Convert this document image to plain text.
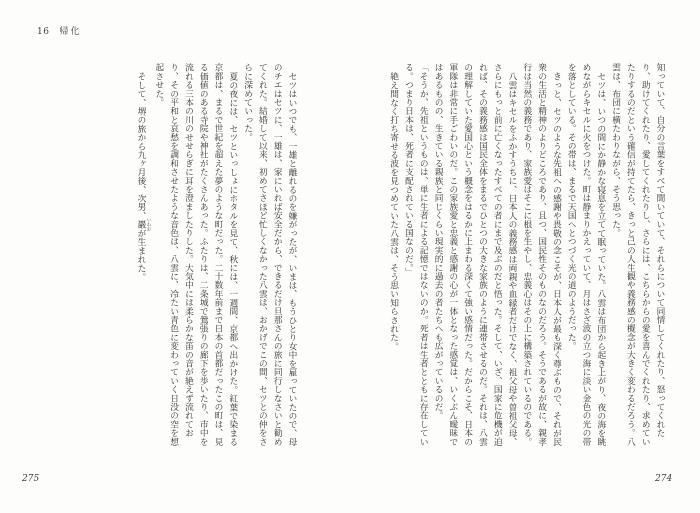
16 帰化

セツはいつでも、一雄と離れるのを嫌がったが、いまは、もうひとり女中を雇っていたので、母のチエはセツに、一雄は、家にいれば安全だから、できるだけ旦那さんの旅に同行しなさいと勧めてくれた。結婚して以来、初めてさほど忙しくなかった八雲は、おかげでこの間、セツとの仲をさらに深めていった。

夏の夜には、セツといっしょにホタルを見て、秋には、一週間、京都へ出かけた。紅葉で染まる京都は、まるで世紀を超えた夢のような町だった。二十数年前まで日本の首都だったこの町は、見る価値のある寺院や神社がたくさんあった。ふたりは、二条城で鶯張りの廊下を歩いたり、市中を流れる三本の川のせせらぎに耳を澄ましたりした。大気中には柔らかな笛の音が絶えず流れており、その平和と哀愁を調和させたような音色は、八雲に、冷たい青色に変わっていく日没の空を想起させた。

そして、堺の旅から九ヶ月後、次男、巖 いわおが生まれた。

275

知っていて、自分の言葉をすべて聞いていて、それらについて同情してくれたり、怒ってくれたり、助けてくれたり、愛してくれたりし、さらには、こちらからの愛を喜んでくれたり、求めていたりするのだという確信が持てたら、きっと己の人生観や義務感の概念が大きく変わるだろう。八雲は、布団に横たわりながら、そう思った。

セツは、いつの間にか静かな寝息を立てて眠っていた。八雲は布団から起き上がり、夜の海を眺めながらキセルに火をつけた。町は静まりかえっていて、月はさざ波の立つ海に淡い金色の光の帯を落としている。その帯は、まるで天国へとつづく光の道のようだった。

きっと、セツのような先祖への感謝や畏敬の念こそが、日本人が最も深く尊ぶもので、それが民衆の生活と精神のよりどころであり、且つ、国民性そのものなのだろう。そうであるが故に、親孝行は当然の義務であり、家族愛はそこに根を生やし、忠義心はその上に構築されているのである。

八雲はキセルをふかすうちに、日本人の義務感は両親や血縁者だけでなく、祖父母や曽祖父母、さらにもっと前に亡くなったすべての者にまで及ぶのだと悟った。そして、いざ、国家に危機が迫れば、その義務感は国民全体をまるでひとつの大きな家族のように連帯させるのだ。それは、八雲の理解していた愛国心という概念をはるかに上まわる深くて強い感情だった。だからこそ、日本の軍隊は非常に手ごわいのだ。この家族愛と忠義と感謝の心が一体となった感覚は、いくぶん曖昧ではあるものの、生きている親族と同じくらい現実的に過去の者たちへも広がっているのだ。

「そうか、先祖というものは、単に生者による記憶ではないのか。死者は生者とともに存在している。つまり日本は、死者に支配されている国なのだ。」

絶え間なく打ち寄せる波を見つめていた八雲は、そう思い知らされた。

274
